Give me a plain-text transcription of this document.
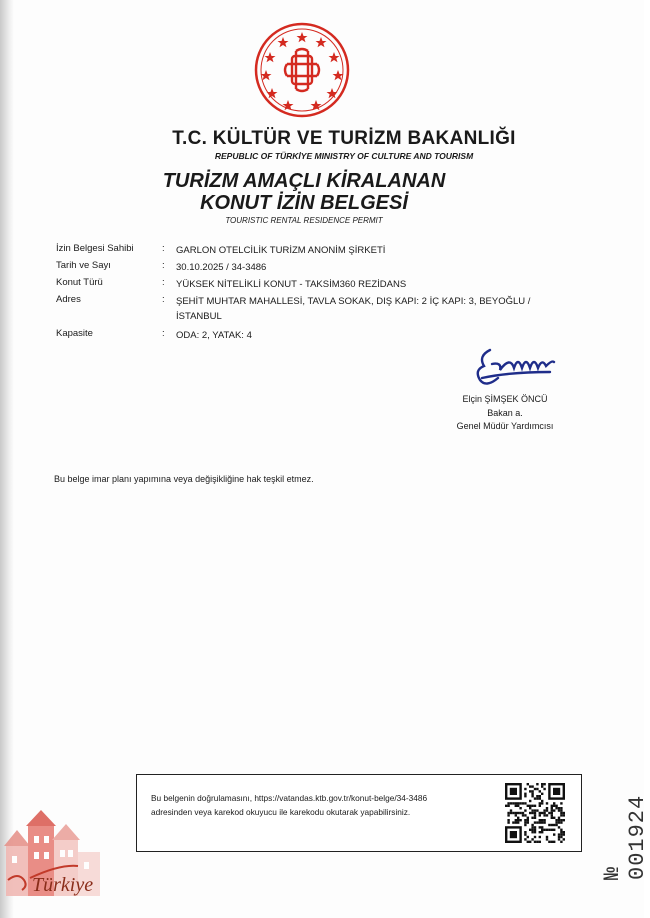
T.C. KÜLTÜR VE TURİZM BAKANLIĞI
REPUBLIC OF TÜRKİYE MINISTRY OF CULTURE AND TOURISM
TURİZM AMAÇLI KİRALANAN
KONUT İZİN BELGESİ
TOURISTIC RENTAL RESIDENCE PERMIT
İzin Belgesi Sahibi	: GARLON OTELCİLİK TURİZM ANONİM ŞİRKETİ
Tarih ve Sayı	: 30.10.2025 / 34-3486
Konut Türü	: YÜKSEK NİTELİKLİ KONUT - TAKSİM360 REZİDANS
Adres	: ŞEHİT MUHTAR MAHALLESİ, TAVLA SOKAK, DIŞ KAPI: 2 İÇ KAPI: 3, BEYOĞLU / İSTANBUL
Kapasite	: ODA: 2, YATAK: 4
Elçin ŞİMŞEK ÖNCÜ
Bakan a.
Genel Müdür Yardımcısı
Bu belge imar planı yapımına veya değişikliğine hak teşkil etmez.
Bu belgenin doğrulamasını, https://vatandas.ktb.gov.tr/konut-belge/34-3486
adresinden veya karekod okuyucu ile karekodu okutarak yapabilirsiniz.
№ 001924
Türkiye
